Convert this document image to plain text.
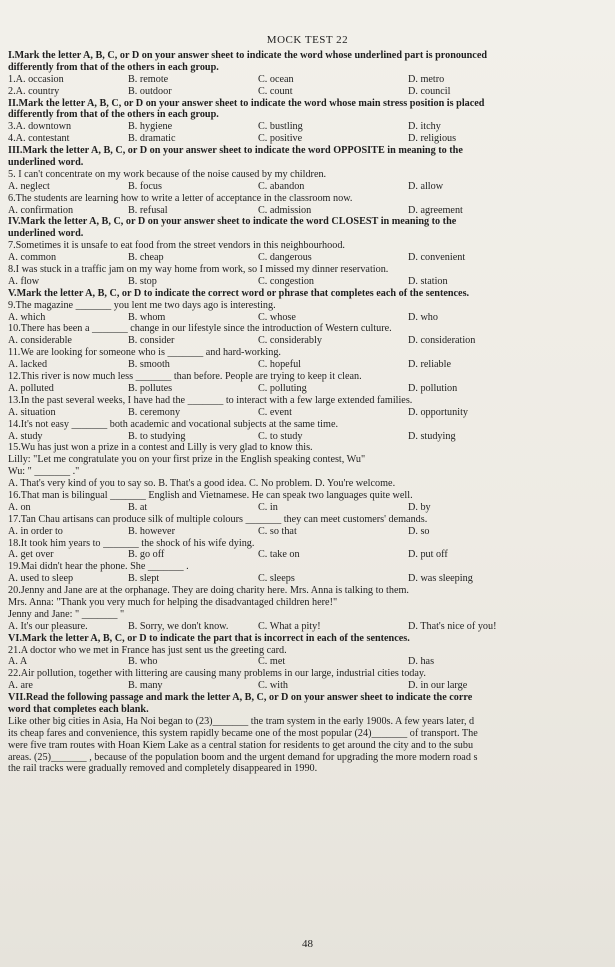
MOCK TEST 22
I.Mark the letter A, B, C, or D on your answer sheet to indicate the word whose underlined part is pronounced
differently from that of the others in each group.
1.A. occasion	B. remote	C. ocean	D. metro
2.A. country	B. outdoor	C. count	D. council
II.Mark the letter A, B, C, or D on your answer sheet to indicate the word whose main stress position is placed
differently from that of the others in each group.
3.A. downtown	B. hygiene	C. bustling	D. itchy
4.A. contestant	B. dramatic	C. positive	D. religious
III.Mark the letter A, B, C, or D on your answer sheet to indicate the word OPPOSITE in meaning to the
underlined word.
5. I can't concentrate on my work because of the noise caused by my children.
A. neglect	B. focus	C. abandon	D. allow
6.The students are learning how to write a letter of acceptance in the classroom now.
A. confirmation	B. refusal	C. admission	D. agreement
IV.Mark the letter A, B, C, or D on your answer sheet to indicate the word CLOSEST in meaning to the
underlined word.
7.Sometimes it is unsafe to eat food from the street vendors in this neighbourhood.
A. common	B. cheap	C. dangerous	D. convenient
8.I was stuck in a traffic jam on my way home from work, so I missed my dinner reservation.
A. flow	B. stop	C. congestion	D. station
V.Mark the letter A, B, C, or D to indicate the correct word or phrase that completes each of the sentences.
9.The magazine _______ you lent me two days ago is interesting.
A. which	B. whom	C. whose	D. who
10.There has been a _______ change in our lifestyle since the introduction of Western culture.
A. considerable	B. consider	C. considerably	D. consideration
11.We are looking for someone who is _______ and hard-working.
A. lacked	B. smooth	C. hopeful	D. reliable
12.This river is now much less _______ than before. People are trying to keep it clean.
A. polluted	B. pollutes	C. polluting	D. pollution
13.In the past several weeks, I have had the _______ to interact with a few large extended families.
A. situation	B. ceremony	C. event	D. opportunity
14.It's not easy _______ both academic and vocational subjects at the same time.
A. study	B. to studying	C. to study	D. studying
15.Wu has just won a prize in a contest and Lilly is very glad to know this.
Lilly: "Let me congratulate you on your first prize in the English speaking contest, Wu"
Wu: " _______ ."
A. That's very kind of you to say so. B. That's a good idea. C. No problem. D. You're welcome.
16.That man is bilingual _______ English and Vietnamese. He can speak two languages quite well.
A. on	B. at	C. in	D. by
17.Tan Chau artisans can produce silk of multiple colours _______ they can meet customers' demands.
A. in order to	B. however	C. so that	D. so
18.It took him years to _______ the shock of his wife dying.
A. get over	B. go off	C. take on	D. put off
19.Mai didn't hear the phone. She _______ .
A. used to sleep	B. slept	C. sleeps	D. was sleeping
20.Jenny and Jane are at the orphanage. They are doing charity here. Mrs. Anna is talking to them.
Mrs. Anna: "Thank you very much for helping the disadvantaged children here!"
Jenny and Jane: " _______ "
A. It's our pleasure.	B. Sorry, we don't know.	C. What a pity!	D. That's nice of you!
VI.Mark the letter A, B, C, or D to indicate the part that is incorrect in each of the sentences.
21.A doctor who we met in France has just sent us the greeting card.
A. A	B. who	C. met	D. has
22.Air pollution, together with littering are causing many problems in our large, industrial cities today.
A. are	B. many	C. with	D. in our large
VII.Read the following passage and mark the letter A, B, C, or D on your answer sheet to indicate the corre
word that completes each blank.
Like other big cities in Asia, Ha Noi began to (23)_______ the tram system in the early 1900s. A few years later, d
its cheap fares and convenience, this system rapidly became one of the most popular (24)_______ of transport. The
were five tram routes with Hoan Kiem Lake as a central station for residents to get around the city and to the subu
areas. (25)_______ , because of the population boom and the urgent demand for upgrading the more modern road s
the rail tracks were gradually removed and completely disappeared in 1990.
48
